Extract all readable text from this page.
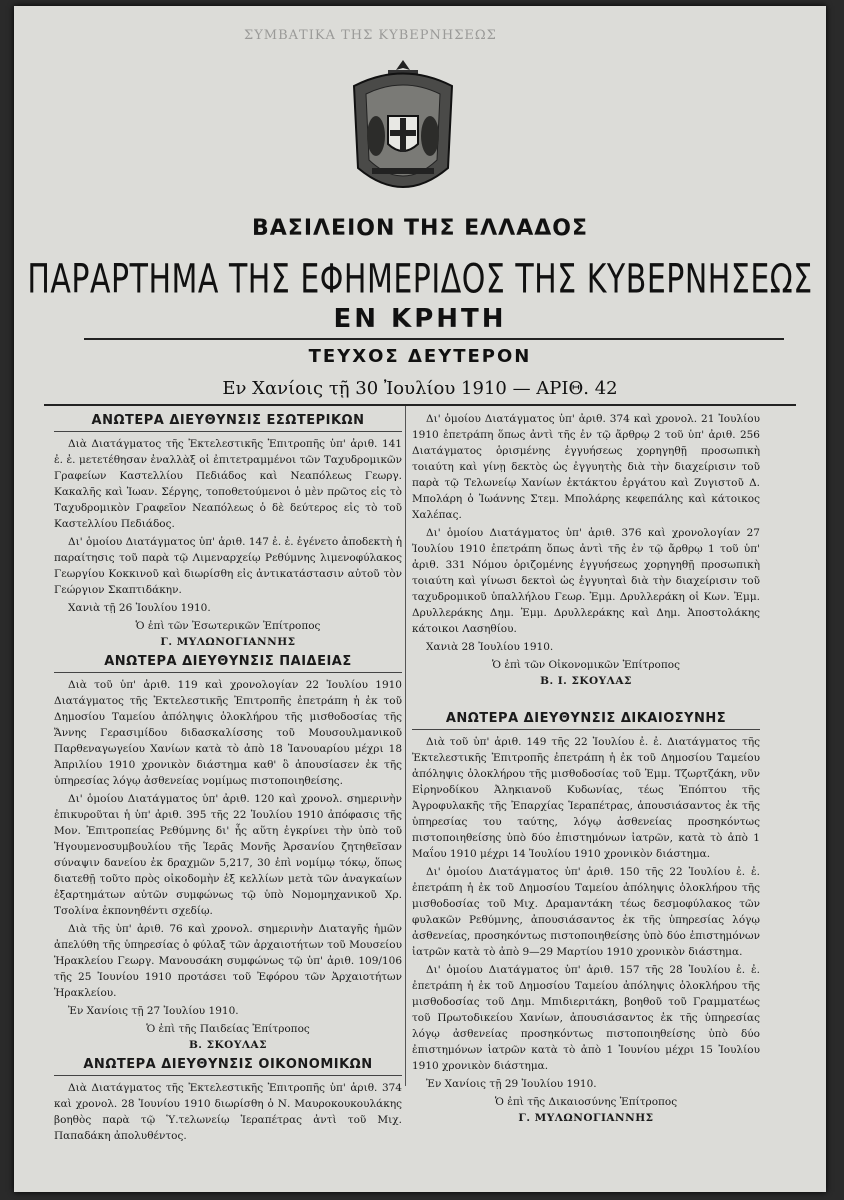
ΣΥΜΒΑΤΙΚΑ ΤΗΣ ΚΥΒΕΡΝΗΣΕΩΣ
ΒΑΣΙΛΕΙΟΝ ΤΗΣ ΕΛΛΑΔΟΣ
ΠΑΡΑΡΤΗΜΑ ΤΗΣ ΕΦΗΜΕΡΙΔΟΣ ΤΗΣ ΚΥΒΕΡΝΗΣΕΩΣ
ΕΝ ΚΡΗΤΗ
ΤΕΥΧΟΣ ΔΕΥΤΕΡΟΝ
Εν Χανίοις τῇ 30 Ἰουλίου 1910 — ΑΡΙΘ. 42
ΑΝΩΤΕΡΑ ΔΙΕΥΘΥΝΣΙΣ ΕΣΩΤΕΡΙΚΩΝ

Διὰ Διατάγματος τῆς Ἐκτελεστικῆς Ἐπιτροπῆς ὑπ' ἀριθ. 141 ἐ. ἐ. μετετέθησαν ἐναλλὰξ οἱ ἐπιτετραμμένοι τῶν Ταχυδρομικῶν Γραφείων Καστελλίου Πεδιάδος καὶ Νεαπόλεως Γεωργ. Κακαλῆς καὶ Ἰωαν. Σέργης, τοποθετούμενοι ὁ μὲν πρῶτος εἰς τὸ Ταχυδρομικὸν Γραφεῖον Νεαπόλεως ὁ δὲ δεύτερος εἰς τὸ τοῦ Καστελλίου Πεδιάδος.

Δι' ὁμοίου Διατάγματος ὑπ' ἀριθ. 147 ἐ. ἐ. ἐγένετο ἀποδεκτὴ ἡ παραίτησις τοῦ παρὰ τῷ Λιμεναρχείῳ Ρεθύμνης λιμενοφύλακος Γεωργίου Κοκκινοῦ καὶ διωρίσθη εἰς ἀντικατάστασιν αὐτοῦ τὸν Γεώργιον Σκαπτιδάκην.

Χανιὰ τῇ 26 Ἰουλίου 1910.

Ὁ ἐπὶ τῶν Ἐσωτερικῶν Ἐπίτροπος

Γ. ΜΥΛΩΝΟΓΙΑΝΝΗΣ

ΑΝΩΤΕΡΑ ΔΙΕΥΘΥΝΣΙΣ ΠΑΙΔΕΙΑΣ

Διὰ τοῦ ὑπ' ἀριθ. 119 καὶ χρονολογίαν 22 Ἰουλίου 1910 Διατάγματος τῆς Ἐκτελεστικῆς Ἐπιτροπῆς ἐπετράπη ἡ ἐκ τοῦ Δημοσίου Ταμείου ἀπόληψις ὁλοκλήρου τῆς μισθοδοσίας τῆς Ἄννης Γερασιμίδου διδασκαλίσσης τοῦ Μουσουλμανικοῦ Παρθεναγωγείου Χανίων κατὰ τὸ ἀπὸ 18 Ἰανουαρίου μέχρι 18 Ἀπριλίου 1910 χρονικὸν διάστημα καθ' ὃ ἀπουσίασεν ἐκ τῆς ὑπηρεσίας λόγῳ ἀσθενείας νομίμως πιστοποιηθείσης.

Δι' ὁμοίου Διατάγματος ὑπ' ἀριθ. 120 καὶ χρονολ. σημερινὴν ἐπικυροῦται ἡ ὑπ' ἀριθ. 395 τῆς 22 Ἰουλίου 1910 ἀπόφασις τῆς Μον. Ἐπιτροπείας Ρεθύμνης δι' ἧς αὕτη ἐγκρίνει τὴν ὑπὸ τοῦ Ἡγουμενοσυμβουλίου τῆς Ἱερᾶς Μονῆς Ἀρσανίου ζητηθεῖσαν σύναψιν δανείου ἐκ δραχμῶν 5,217, 30 ἐπὶ νομίμῳ τόκῳ, ὅπως διατεθῇ τοῦτο πρὸς οἰκοδομὴν ἐξ κελλίων μετὰ τῶν ἀναγκαίων ἐξαρτημάτων αὐτῶν συμφώνως τῷ ὑπὸ Νομομηχανικοῦ Χρ. Τσολίνα ἐκπονηθέντι σχεδίῳ.

Διὰ τῆς ὑπ' ἀριθ. 76 καὶ χρονολ. σημερινὴν Διαταγῆς ἡμῶν ἀπελύθη τῆς ὑπηρεσίας ὁ φύλαξ τῶν ἀρχαιοτήτων τοῦ Μουσείου Ἡρακλείου Γεωργ. Μανουσάκη συμφώνως τῷ ὑπ' ἀριθ. 109/106 τῆς 25 Ἰουνίου 1910 προτάσει τοῦ Ἐφόρου τῶν Ἀρχαιοτήτων Ἡρακλείου.

Ἐν Χανίοις τῇ 27 Ἰουλίου 1910.

Ὁ ἐπὶ τῆς Παιδείας Ἐπίτροπος

Β. ΣΚΟΥΛΑΣ

ΑΝΩΤΕΡΑ ΔΙΕΥΘΥΝΣΙΣ ΟΙΚΟΝΟΜΙΚΩΝ

Διὰ Διατάγματος τῆς Ἐκτελεστικῆς Ἐπιτροπῆς ὑπ' ἀριθ. 374 καὶ χρονολ. 28 Ἰουνίου 1910 διωρίσθη ὁ Ν. Μαυροκουκουλάκης βοηθὸς παρὰ τῷ Ὑ.τελωνείῳ Ἱεραπέτρας ἀντὶ τοῦ Μιχ. Παπαδάκη ἀπολυθέντος.

Δι' ὁμοίου Διατάγματος ὑπ' ἀριθ. 374 καὶ χρονολ. 21 Ἰουλίου 1910 ἐπετράπη ὅπως ἀντὶ τῆς ἐν τῷ ἄρθρῳ 2 τοῦ ὑπ' ἀριθ. 256 Διατάγματος ὁρισμένης ἐγγυήσεως χορηγηθῇ προσωπικὴ τοιαύτη καὶ γίνῃ δεκτὸς ὡς ἐγγυητὴς διὰ τὴν διαχείρισιν τοῦ παρὰ τῷ Τελωνείῳ Χανίων ἐκτάκτου ἐργάτου καὶ Ζυγιστοῦ Δ. Μπολάρη ὁ Ἰωάννης Στεμ. Μπολάρης κεφεπάλης καὶ κάτοικος Χαλέπας.

Δι' ὁμοίου Διατάγματος ὑπ' ἀριθ. 376 καὶ χρονολογίαν 27 Ἰουλίου 1910 ἐπετράπη ὅπως ἀντὶ τῆς ἐν τῷ ἄρθρῳ 1 τοῦ ὑπ' ἀριθ. 331 Νόμου ὁριζομένης ἐγγυήσεως χορηγηθῇ προσωπικὴ τοιαύτη καὶ γίνωσι δεκτοὶ ὡς ἐγγυηταὶ διὰ τὴν διαχείρισιν τοῦ ταχυδρομικοῦ ὑπαλλήλου Γεωρ. Ἐμμ. Δρυλλεράκη οἱ Κων. Ἐμμ. Δρυλλεράκης Δημ. Ἐμμ. Δρυλλεράκης καὶ Δημ. Ἀποστολάκης κάτοικοι Λασηθίου.

Χανιὰ 28 Ἰουλίου 1910.

Ὁ ἐπὶ τῶν Οἰκονομικῶν Ἐπίτροπος

Β. Ι. ΣΚΟΥΛΑΣ

ΑΝΩΤΕΡΑ ΔΙΕΥΘΥΝΣΙΣ ΔΙΚΑΙΟΣΥΝΗΣ

Διὰ τοῦ ὑπ' ἀριθ. 149 τῆς 22 Ἰουλίου ἐ. ἐ. Διατάγματος τῆς Ἐκτελεστικῆς Ἐπιτροπῆς ἐπετράπη ἡ ἐκ τοῦ Δημοσίου Ταμείου ἀπόληψις ὁλοκλήρου τῆς μισθοδοσίας τοῦ Ἐμμ. Τζωρτζάκη, νῦν Εἰρηνοδίκου Ἀληκιανοῦ Κυδωνίας, τέως Ἐπόπτου τῆς Ἀγροφυλακῆς τῆς Ἐπαρχίας Ἱεραπέτρας, ἀπουσιάσαντος ἐκ τῆς ὑπηρεσίας του ταύτης, λόγῳ ἀσθενείας προσηκόντως πιστοποιηθείσης ὑπὸ δύο ἐπιστημόνων ἰατρῶν, κατὰ τὸ ἀπὸ 1 Μαΐου 1910 μέχρι 14 Ἰουλίου 1910 χρονικὸν διάστημα.

Δι' ὁμοίου Διατάγματος ὑπ' ἀριθ. 150 τῆς 22 Ἰουλίου ἐ. ἐ. ἐπετράπη ἡ ἐκ τοῦ Δημοσίου Ταμείου ἀπόληψις ὁλοκλήρου τῆς μισθοδοσίας τοῦ Μιχ. Δραμαντάκη τέως δεσμοφύλακος τῶν φυλακῶν Ρεθύμνης, ἀπουσιάσαντος ἐκ τῆς ὑπηρεσίας λόγῳ ἀσθενείας, προσηκόντως πιστοποιηθείσης ὑπὸ δύο ἐπιστημόνων ἰατρῶν κατὰ τὸ ἀπὸ 9—29 Μαρτίου 1910 χρονικὸν διάστημα.

Δι' ὁμοίου Διατάγματος ὑπ' ἀριθ. 157 τῆς 28 Ἰουλίου ἐ. ἐ. ἐπετράπη ἡ ἐκ τοῦ Δημοσίου Ταμείου ἀπόληψις ὁλοκλήρου τῆς μισθοδοσίας τοῦ Δημ. Μπιδιεριτάκη, βοηθοῦ τοῦ Γραμματέως τοῦ Πρωτοδικείου Χανίων, ἀπουσιάσαντος ἐκ τῆς ὑπηρεσίας λόγῳ ἀσθενείας προσηκόντως πιστοποιηθείσης ὑπὸ δύο ἐπιστημόνων ἰατρῶν κατὰ τὸ ἀπὸ 1 Ἰουνίου μέχρι 15 Ἰουλίου 1910 χρονικὸν διάστημα.

Ἐν Χανίοις τῇ 29 Ἰουλίου 1910.

Ὁ ἐπὶ τῆς Δικαιοσύνης Ἐπίτροπος

Γ. ΜΥΛΩΝΟΓΙΑΝΝΗΣ
